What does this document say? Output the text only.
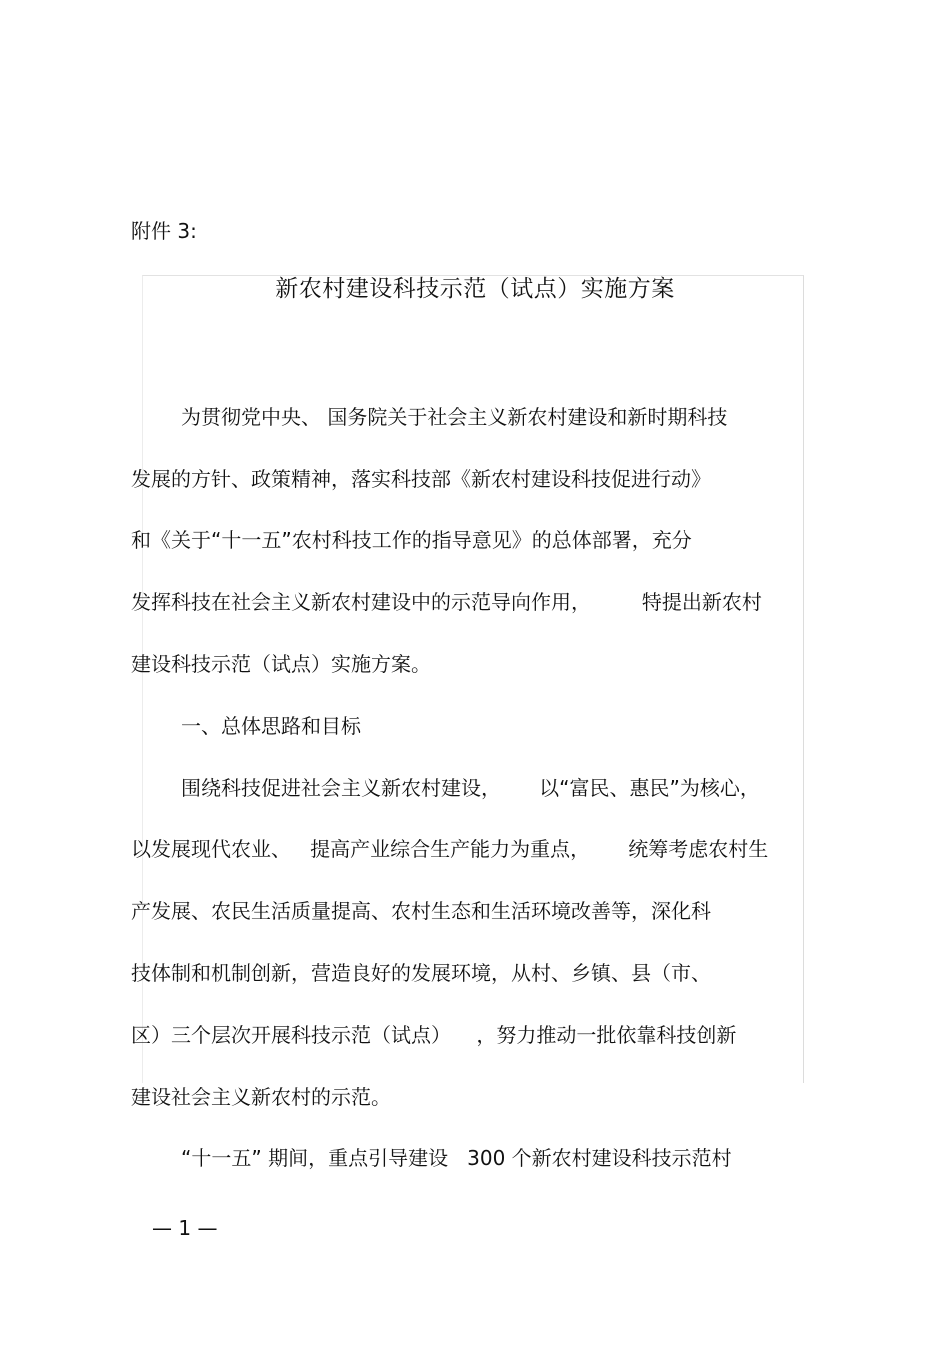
附件 3:
新农村建设科技示范（试点）实施方案
为贯彻党中央、 国务院关于社会主义新农村建设和新时期科技
发展的方针、政策精神，落实科技部《新农村建设科技促进行动》
和《关于“十一五”农村科技工作的指导意见》的总体部署，充分
发挥科技在社会主义新农村建设中的示范导向作用，        特提出新农村
建设科技示范（试点）实施方案。
一、总体思路和目标
围绕科技促进社会主义新农村建设，      以“富民、惠民”为核心，
以发展现代农业、   提高产业综合生产能力为重点，      统筹考虑农村生
产发展、农民生活质量提高、农村生态和生活环境改善等，深化科
技体制和机制创新，营造良好的发展环境，从村、乡镇、县（市、
区）三个层次开展科技示范（试点）    ，努力推动一批依靠科技创新
建设社会主义新农村的示范。
“十一五” 期间，重点引导建设   300 个新农村建设科技示范村
— 1 —
